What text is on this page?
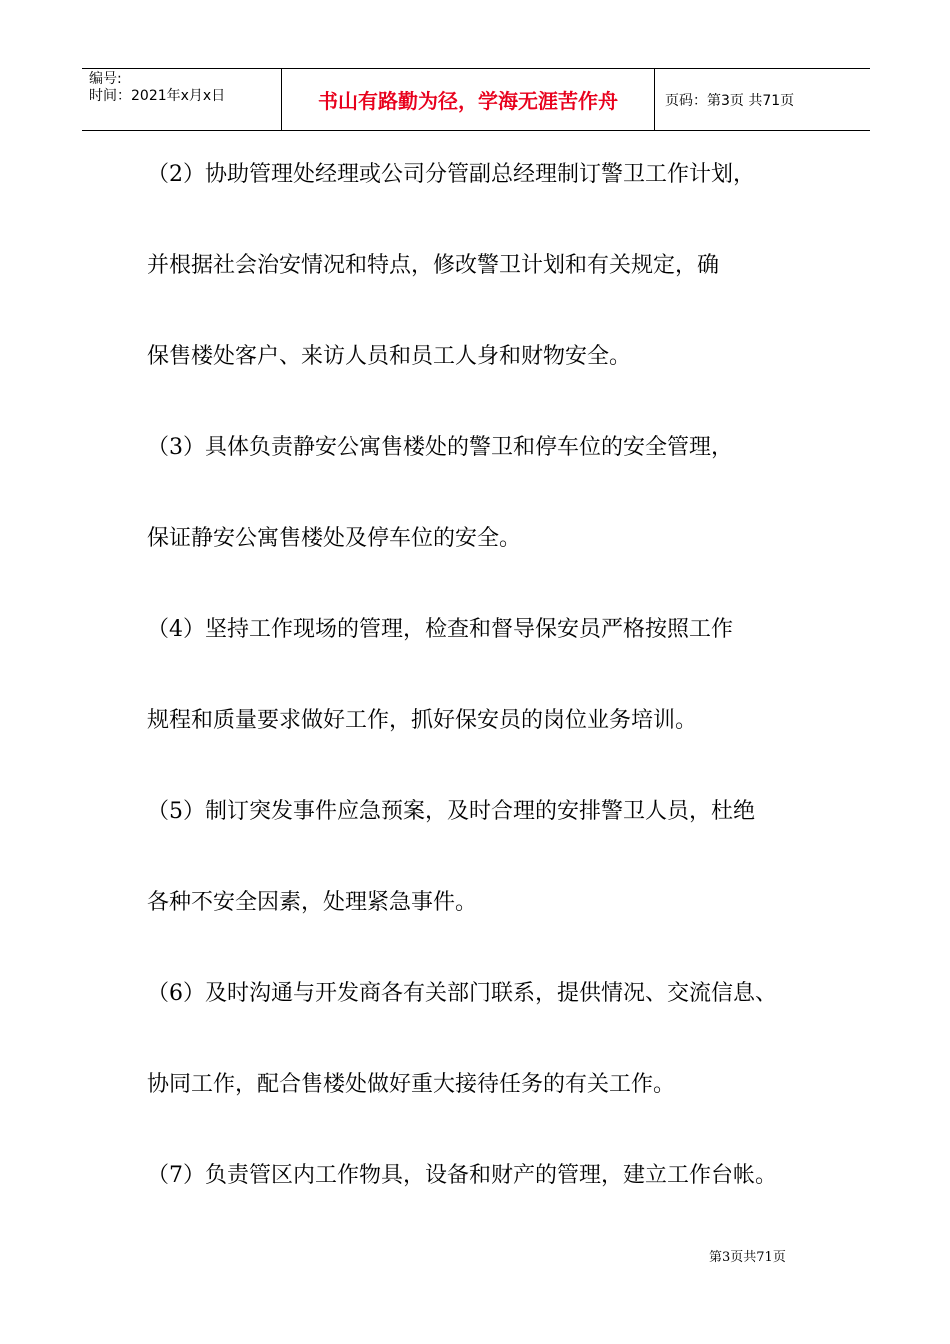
编号:
时间：2021年x月x日	书山有路勤为径，学海无涯苦作舟	页码：第3页 共71页
（2）协助管理处经理或公司分管副总经理制订警卫工作计划，
并根据社会治安情况和特点，修改警卫计划和有关规定，确
保售楼处客户、来访人员和员工人身和财物安全。
（3）具体负责静安公寓售楼处的警卫和停车位的安全管理，
保证静安公寓售楼处及停车位的安全。
（4）坚持工作现场的管理，检查和督导保安员严格按照工作
规程和质量要求做好工作，抓好保安员的岗位业务培训。
（5）制订突发事件应急预案，及时合理的安排警卫人员，杜绝
各种不安全因素，处理紧急事件。
（6）及时沟通与开发商各有关部门联系，提供情况、交流信息、
协同工作，配合售楼处做好重大接待任务的有关工作。
（7）负责管区内工作物具，设备和财产的管理，建立工作台帐。
第3页共71页
